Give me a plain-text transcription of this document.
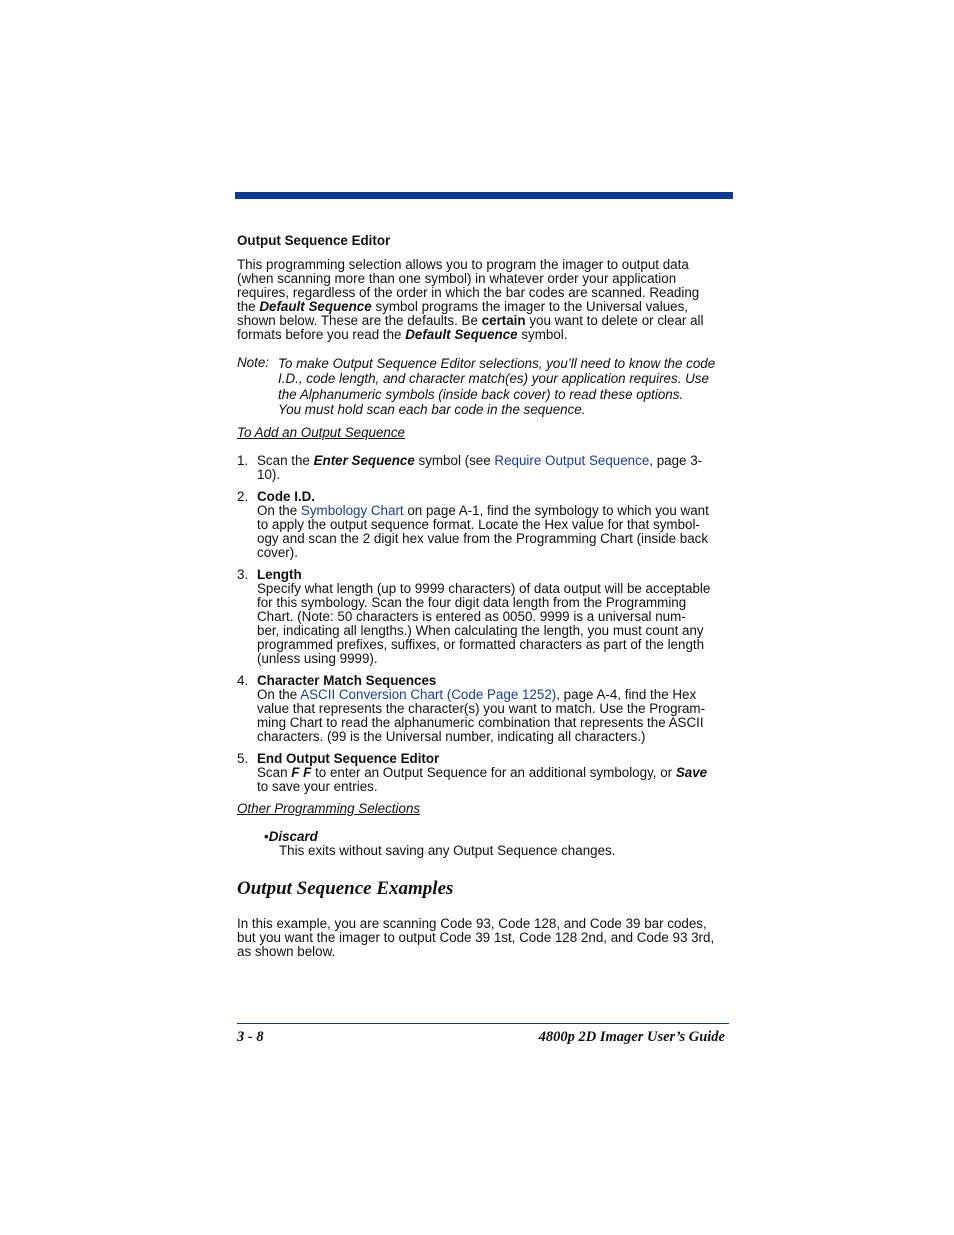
Output Sequence Editor
This programming selection allows you to program the imager to output data
(when scanning more than one symbol) in whatever order your application
requires, regardless of the order in which the bar codes are scanned. Reading
the Default Sequence symbol programs the imager to the Universal values,
shown below. These are the defaults. Be certain you want to delete or clear all
formats before you read the Default Sequence symbol.
Note: To make Output Sequence Editor selections, you’ll need to know the code
I.D., code length, and character match(es) your application requires. Use
the Alphanumeric symbols (inside back cover) to read these options.
You must hold scan each bar code in the sequence.
To Add an Output Sequence
1. Scan the Enter Sequence symbol (see Require Output Sequence, page 3-
10).
2. Code I.D.
On the Symbology Chart on page A-1, find the symbology to which you want
to apply the output sequence format. Locate the Hex value for that symbol-
ogy and scan the 2 digit hex value from the Programming Chart (inside back
cover).
3. Length
Specify what length (up to 9999 characters) of data output will be acceptable
for this symbology. Scan the four digit data length from the Programming
Chart. (Note: 50 characters is entered as 0050. 9999 is a universal num-
ber, indicating all lengths.) When calculating the length, you must count any
programmed prefixes, suffixes, or formatted characters as part of the length
(unless using 9999).
4. Character Match Sequences
On the ASCII Conversion Chart (Code Page 1252), page A-4, find the Hex
value that represents the character(s) you want to match. Use the Program-
ming Chart to read the alphanumeric combination that represents the ASCII
characters. (99 is the Universal number, indicating all characters.)
5. End Output Sequence Editor
Scan F F to enter an Output Sequence for an additional symbology, or Save
to save your entries.
Other Programming Selections
•Discard
This exits without saving any Output Sequence changes.
Output Sequence Examples
In this example, you are scanning Code 93, Code 128, and Code 39 bar codes,
but you want the imager to output Code 39 1st, Code 128 2nd, and Code 93 3rd,
as shown below.
3 - 8	4800p 2D Imager User’s Guide
